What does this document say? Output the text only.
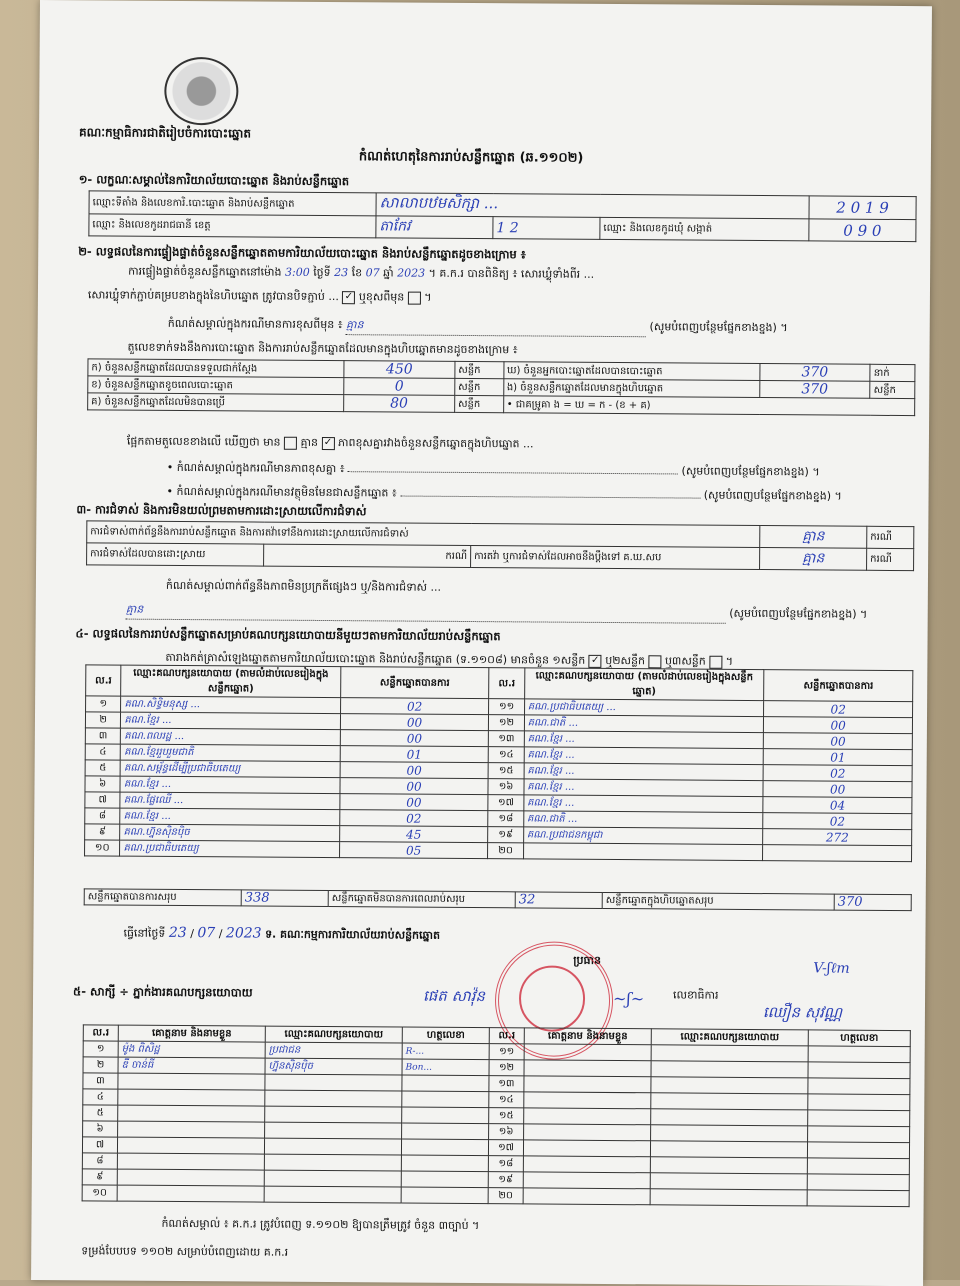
គណៈកម្មាធិការជាតិរៀបចំការបោះឆ្នោត
កំណត់ហេតុនៃការរាប់សន្លឹកឆ្នោត (ឆ.១១០២)
១- លក្ខណៈសម្គាល់នៃការិយាល័យបោះឆ្នោត និងរាប់សន្លឹកឆ្នោត
ឈ្មោះទីតាំង និងលេខការិ.បោះឆ្នោត និងរាប់សន្លឹកឆ្នោត	សាលាបឋមសិក្សា ...			2 0 1 9
ឈ្មោះ និងលេខកូដរាជធានី ខេត្ត	តាកែវ	1 2	ឈ្មោះ និងលេខកូដឃុំ សង្កាត់	0 9 0
២- លទ្ធផលនៃការផ្ទៀងផ្ទាត់ចំនួនសន្លឹកឆ្នោតតាមការិយាល័យបោះឆ្នោត និងរាប់សន្លឹកឆ្នោតដូចខាងក្រោម ៖
ការផ្ទៀងផ្ទាត់ចំនួនសន្លឹកឆ្នោតនៅម៉ោង 3:00 ថ្ងៃទី 23 ខែ 07 ឆ្នាំ 2023 ។ គ.ក.រ បានពិនិត្យ ៖ សោរឃ្លុំទាំងពីរ ...
សោរឃ្លុំទាក់ភ្ជាប់គម្របខាងក្នុងនៃហិបឆ្នោត ត្រូវបានបិទភ្ជាប់ ... ✓ ឬខុសពីមុន  ។
កំណត់សម្គាល់ក្នុងករណីមានការខុសពីមុន ៖ គ្មាន	(សូមបំពេញបន្ថែមផ្នែកខាងខ្នង) ។
តួលេខទាក់ទងនឹងការបោះឆ្នោត និងការរាប់សន្លឹកឆ្នោតដែលមានក្នុងហិបឆ្នោតមានដូចខាងក្រោម ៖
ក) ចំនួនសន្លឹកឆ្នោតដែលបានទទួលជាក់ស្តែង	450	សន្លឹក	ឃ) ចំនួនអ្នកបោះឆ្នោតដែលបានបោះឆ្នោត	370	នាក់
ខ) ចំនួនសន្លឹកឆ្នោតខូចពេលបោះឆ្នោត	0	សន្លឹក	ង) ចំនួនសន្លឹកឆ្នោតដែលមានក្នុងហិបឆ្នោត	370	សន្លឹក
គ) ចំនួនសន្លឹកឆ្នោតដែលមិនបានប្រើ	80	សន្លឹក	• ជាគម្រូគា ង = ឃ = ក - (ខ + គ)		
ផ្អែកតាមតួលេខខាងលើ ឃើញថា មាន គ្មាន ✓ ភាពខុសគ្នារវាងចំនួនសន្លឹកឆ្នោតក្នុងហិបឆ្នោត ...
• កំណត់សម្គាល់ក្នុងករណីមានភាពខុសគ្នា ៖	(សូមបំពេញបន្ថែមផ្នែកខាងខ្នង) ។
• កំណត់សម្គាល់ក្នុងករណីមានវត្ថុមិនមែនជាសន្លឹកឆ្នោត ៖	(សូមបំពេញបន្ថែមផ្នែកខាងខ្នង) ។
៣- ការជំទាស់ និងការមិនយល់ព្រមតាមការដោះស្រាយលើការជំទាស់
ការជំទាស់ពាក់ព័ន្ធនឹងការរាប់សន្លឹកឆ្នោត និងការតវ៉ាទៅនឹងការដោះស្រាយលើការជំទាស់			គ្មាន	ករណី
ការជំទាស់ដែលបានដោះស្រាយ	ករណី	ការតវ៉ា ឬការជំទាស់ដែលអាចនឹងប្តឹងទៅ គ.ឃ.សប	គ្មាន	ករណី
កំណត់សម្គាល់ពាក់ព័ន្ធនឹងភាពមិនប្រក្រតីផ្សេងៗ ឬ/និងការជំទាស់ ...
គ្មាន	(សូមបំពេញបន្ថែមផ្នែកខាងខ្នង) ។
៤- លទ្ធផលនៃការរាប់សន្លឹកឆ្នោតសម្រាប់គណបក្សនយោបាយនីមួយៗតាមការិយាល័យរាប់សន្លឹកឆ្នោត
តារាងកត់ត្រាសំឡេងឆ្នោតតាមការិយាល័យបោះឆ្នោត និងរាប់សន្លឹកឆ្នោត (ទ.១១០៨) មានចំនួន ១សន្លឹក ✓ ឬ២សន្លឹក ឬ៣សន្លឹក  ។
ល.រ	ឈ្មោះគណបក្សនយោបាយ (តាមលំដាប់លេខរៀងក្នុងសន្លឹកឆ្នោត)	សន្លឹកឆ្នោតបានការ	ល.រ	ឈ្មោះគណបក្សនយោបាយ (តាមលំដាប់លេខរៀងក្នុងសន្លឹកឆ្នោត)	សន្លឹកឆ្នោតបានការ
១	គណ.សិទ្ធិមនុស្ស ...	02	១១	គណ.ប្រជាធិបតេយ្យ ...	02
២	គណ.ខ្មែរ ...	00	១២	គណ.ជាតិ ...	00
៣	គណ.ពលរដ្ឋ ...	00	១៣	គណ.ខ្មែរ ...	00
៤	គណ.ខ្មែររួបរួមជាតិ	01	១៤	គណ.ខ្មែរ ...	01
៥	គណ.សម្ព័ន្ធដើម្បីប្រជាធិបតេយ្យ	00	១៥	គណ.ខ្មែរ ...	02
៦	គណ.ខ្មែរ ...	00	១៦	គណ.ខ្មែរ ...	00
៧	គណ.ផ្លែឈើ ...	00	១៧	គណ.ខ្មែរ ...	04
៨	គណ.ខ្មែរ ...	02	១៨	គណ.ជាតិ ...	02
៩	គណ.ហ្វ៊ុនស៊ិនប៉ិច	45	១៩	គណ.ប្រជាជនកម្ពុជា	272
១០	គណ.ប្រជាធិបតេយ្យ	05	២០		
សន្លឹកឆ្នោតបានការសរុប	338	សន្លឹកឆ្នោតមិនបានការពេលរាប់សរុប	32	សន្លឹកឆ្នោតក្នុងហិបឆ្នោតសរុប	370
ធ្វើនៅថ្ងៃទី 23 / 07 / 2023 ទ. គណៈកម្មការការិយាល័យរាប់សន្លឹកឆ្នោត
ប្រធាន
~ʃ~
V-ʃℓm
៥- សាក្សី ÷ ភ្នាក់ងារគណបក្សនយោបាយ	ផេត សាវ៉ុន	លេខាធិការ
ឈឿន សុវណ្ណ
ល.រ	គោត្តនាម និងនាមខ្លួន	ឈ្មោះគណបក្សនយោបាយ	ហត្ថលេខា	ល.រ	គោត្តនាម និងនាមខ្លួន	ឈ្មោះគណបក្សនយោបាយ	ហត្ថលេខា
១	ម៉ូង ពិសិដ្ឋ	ប្រជាជន	R-...	១១			
២	ឌី ចាន់ធី	ហ្វ៊ុនស៊ិនប៉ិច	Bon...	១២			
៣				១៣			
៤				១៤			
៥				១៥			
៦				១៦			
៧				១៧			
៨				១៨			
៩				១៩			
១០				២០			
កំណត់សម្គាល់ ៖ គ.ក.រ ត្រូវបំពេញ ទ.១១០២ ឱ្យបានត្រឹមត្រូវ ចំនួន ៣ច្បាប់ ។
ទម្រង់បែបបទ ១១០២ សម្រាប់បំពេញដោយ គ.ក.រ
